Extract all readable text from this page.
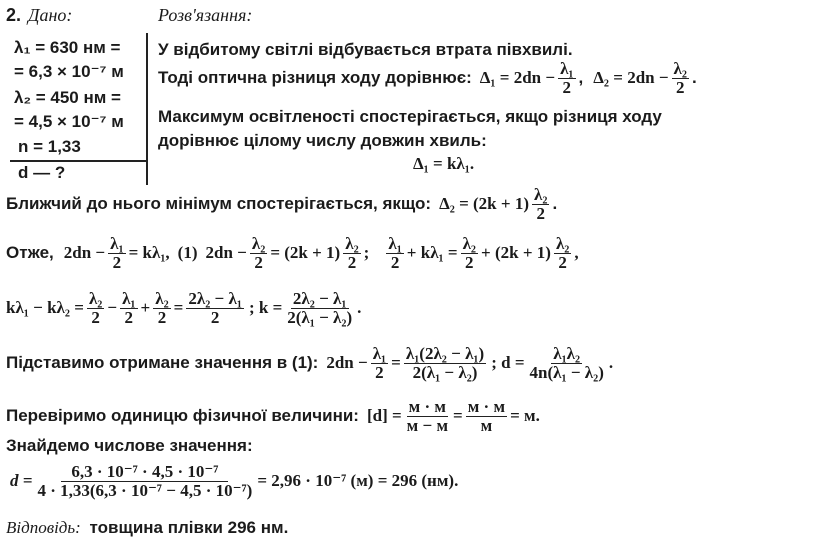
2. Дано:	Розв'язання:
λ₁ = 630 нм =
= 6,3 × 10⁻⁷ м
λ₂ = 450 нм =
= 4,5 × 10⁻⁷ м
n = 1,33
d — ?
У відбитому світлі відбувається втрата півхвилі.
Тоді оптична різниця ходу дорівнює: $\Delta_1 = 2dn - \frac{\text{λ₁}}{2}$ , $\Delta_2 = 2dn - \frac{\text{λ₂}}{2}$ .
Максимум освітленості спостерігається, якщо різниця ходу
дорівнює цілому числу довжин хвиль:
Δ₁ = kλ₁.
Ближчий до нього мінімум спостерігається, якщо: $\Delta_2 = (2k + 1) \frac{\text{λ₂}}{2}$ .
Отже, $2dn - \frac{\text{λ₁}}{2} = k\lambda_1$, (1) $2dn - \frac{\text{λ₂}}{2} = (2k + 1) \frac{\text{λ₂}}{2}$ ; $\frac{\text{λ₁}}{2} + k\lambda_1 = \frac{\text{λ₂}}{2} + (2k + 1) \frac{\text{λ₂}}{2}$ ,
$k\lambda_1 - k\lambda_2 = \frac{\text{λ₂}}{2} - \frac{\text{λ₁}}{2} + \frac{\text{λ₂}}{2} = \frac{\text{2λ₂ − λ₁}}{2}$ ; $k = \frac{\text{2λ₂ − λ₁}}{\text{2(λ₁ − λ₂)}}$ .
Підставимо отримане значення в (1): $2dn - \frac{\text{λ₁}}{2} = \frac{\text{λ₁(2λ₂ − λ₁)}}{\text{2(λ₁ − λ₂)}}$ ; $d = \frac{\text{λ₁λ₂}}{\text{4n(λ₁ − λ₂)}}$ .
Перевіримо одиницю фізичної величини: $[d] = \frac{м \cdot м}{м - м} = \frac{м \cdot м}{м} = м$.
Знайдемо числове значення:
$d = \frac{\text{6,3 · 10⁻⁷ · 4,5 · 10⁻⁷}}{\text{4 · 1,33(6,3 · 10⁻⁷ − 4,5 · 10⁻⁷)}} = 2,96 \cdot 10^{-7}$ (м) = 296 (нм).
Відповідь: товщина плівки 296 нм.
